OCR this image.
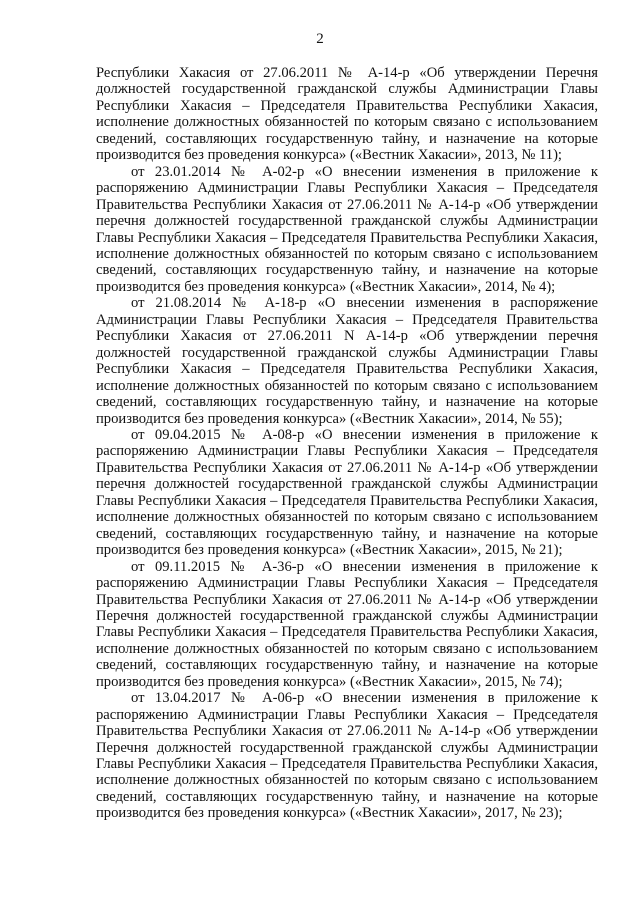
2

Республики Хакасия от 27.06.2011 № А-14-р «Об утверждении Перечня должностей государственной гражданской службы Администрации Главы Республики Хакасия – Председателя Правительства Республики Хакасия, исполнение должностных обязанностей по которым связано с использованием сведений, составляющих государственную тайну, и назначение на которые производится без проведения конкурса» («Вестник Хакасии», 2013, № 11);

от 23.01.2014 № А-02-р «О внесении изменения в приложение к распоряжению Администрации Главы Республики Хакасия – Председателя Правительства Республики Хакасия от 27.06.2011 № А-14-р «Об утверждении перечня должностей государственной гражданской службы Администрации Главы Республики Хакасия – Председателя Правительства Республики Хакасия, исполнение должностных обязанностей по которым связано с использованием сведений, составляющих государственную тайну, и назначение на которые производится без проведения конкурса» («Вестник Хакасии», 2014, № 4);

от 21.08.2014 № А-18-р «О внесении изменения в распоряжение Администрации Главы Республики Хакасия – Председателя Правительства Республики Хакасия от 27.06.2011 N А-14-р «Об утверждении перечня должностей государственной гражданской службы Администрации Главы Республики Хакасия – Председателя Правительства Республики Хакасия, исполнение должностных обязанностей по которым связано с использованием сведений, составляющих государственную тайну, и назначение на которые производится без проведения конкурса» («Вестник Хакасии», 2014, № 55);

от 09.04.2015 № А-08-р «О внесении изменения в приложение к распоряжению Администрации Главы Республики Хакасия – Председателя Правительства Республики Хакасия от 27.06.2011 № А-14-р «Об утверждении перечня должностей государственной гражданской службы Администрации Главы Республики Хакасия – Председателя Правительства Республики Хакасия, исполнение должностных обязанностей по которым связано с использованием сведений, составляющих государственную тайну, и назначение на которые производится без проведения конкурса» («Вестник Хакасии», 2015, № 21);

от 09.11.2015 № А-36-р «О внесении изменения в приложение к распоряжению Администрации Главы Республики Хакасия – Председателя Правительства Республики Хакасия от 27.06.2011 № А-14-р «Об утверждении Перечня должностей государственной гражданской службы Администрации Главы Республики Хакасия – Председателя Правительства Республики Хакасия, исполнение должностных обязанностей по которым связано с использованием сведений, составляющих государственную тайну, и назначение на которые производится без проведения конкурса» («Вестник Хакасии», 2015, № 74);

от 13.04.2017 № А-06-р «О внесении изменения в приложение к распоряжению Администрации Главы Республики Хакасия – Председателя Правительства Республики Хакасия от 27.06.2011 № А-14-р «Об утверждении Перечня должностей государственной гражданской службы Администрации Главы Республики Хакасия – Председателя Правительства Республики Хакасия, исполнение должностных обязанностей по которым связано с использованием сведений, составляющих государственную тайну, и назначение на которые производится без проведения конкурса» («Вестник Хакасии», 2017, № 23);
